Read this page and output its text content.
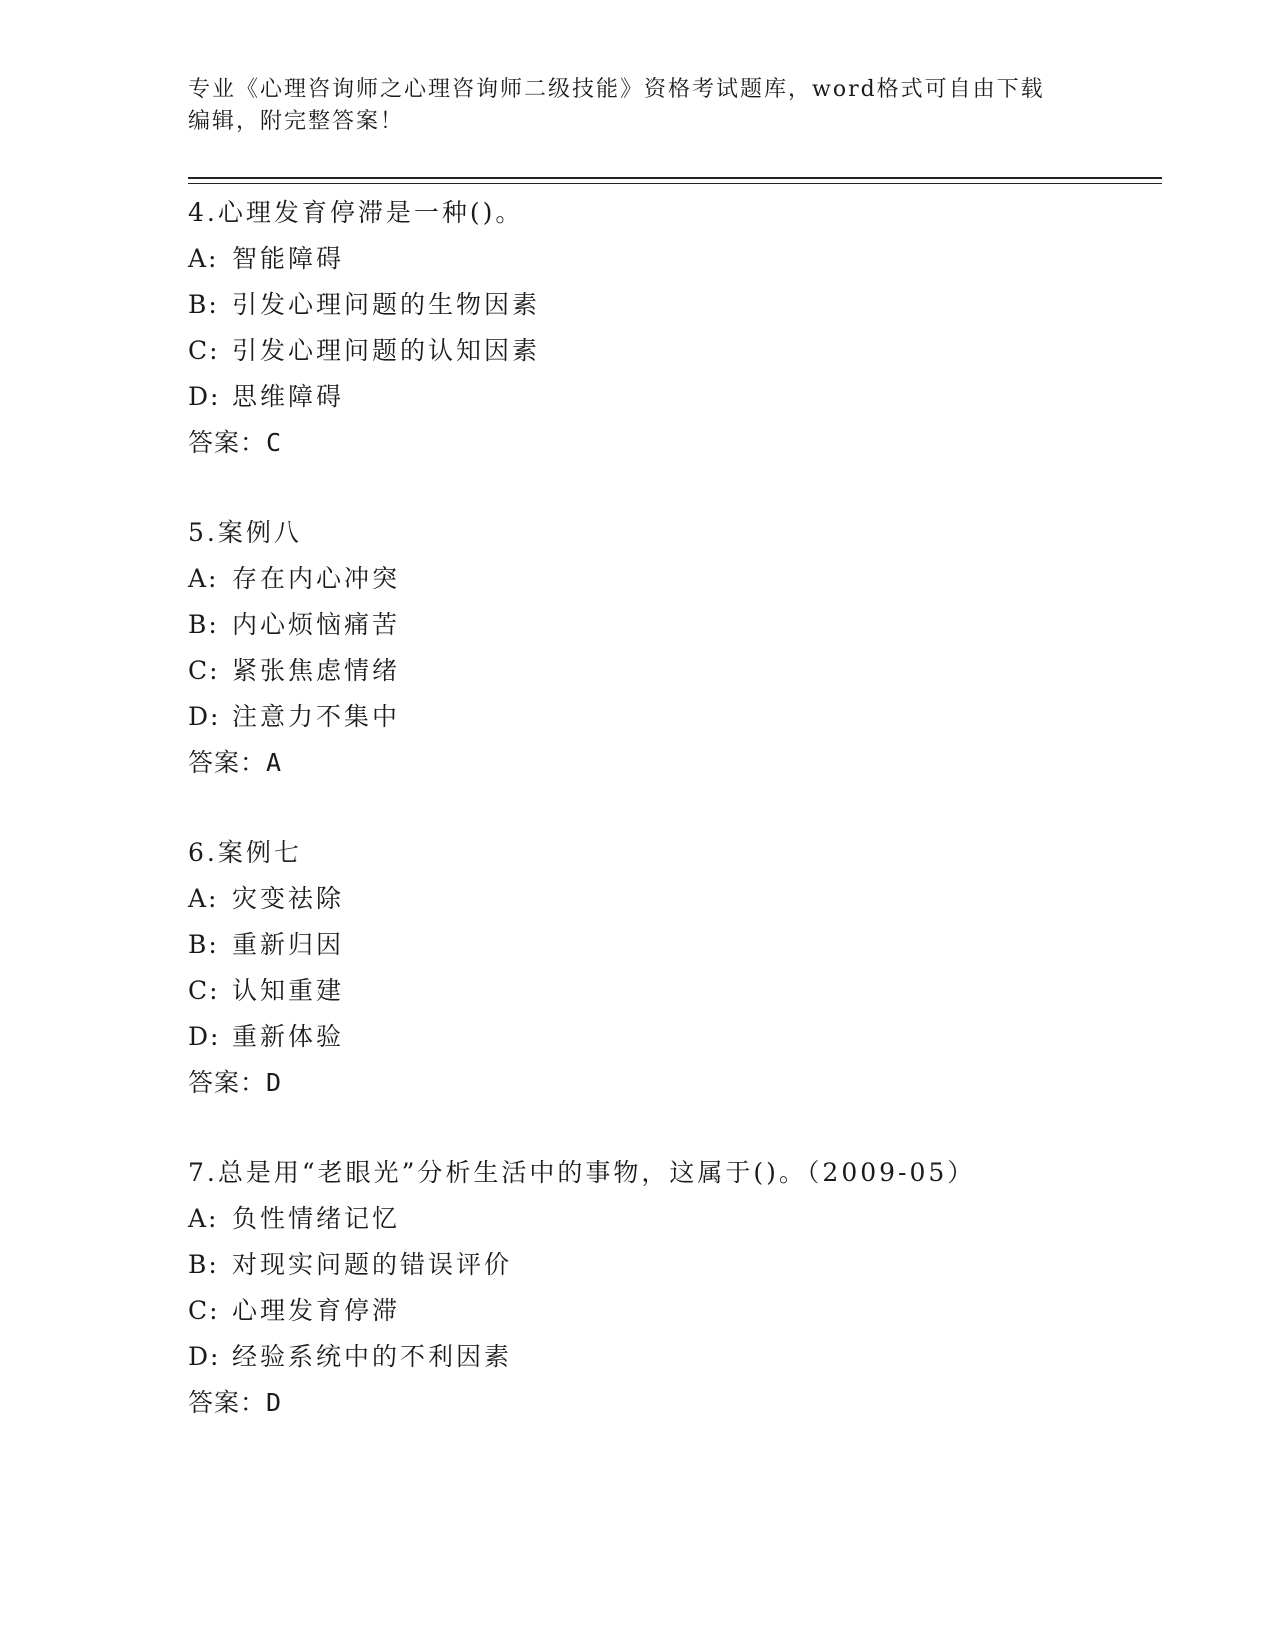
专业《心理咨询师之心理咨询师二级技能》资格考试题库，word格式可自由下载
编辑，附完整答案！
4.心理发育停滞是一种()。
A: 智能障碍
B: 引发心理问题的生物因素
C: 引发心理问题的认知因素
D: 思维障碍
答案：C
5.案例八
A: 存在内心冲突
B: 内心烦恼痛苦
C: 紧张焦虑情绪
D: 注意力不集中
答案：A
6.案例七
A: 灾变祛除
B: 重新归因
C: 认知重建
D: 重新体验
答案：D
7.总是用“老眼光”分析生活中的事物，这属于()。（2009-05）
A: 负性情绪记忆
B: 对现实问题的错误评价
C: 心理发育停滞
D: 经验系统中的不利因素
答案：D
